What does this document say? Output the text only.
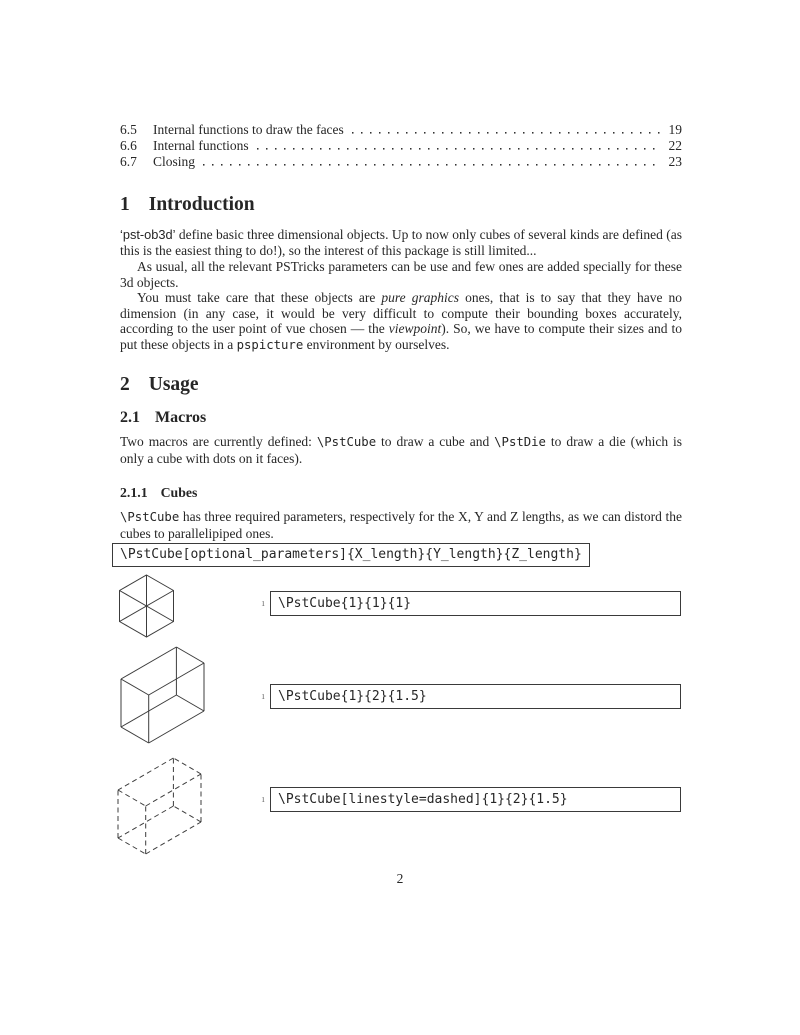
6.5	Internal functions to draw the faces	19
6.6	Internal functions	22
6.7	Closing	23
1 Introduction

‘pst-ob3d’ define basic three dimensional objects. Up to now only cubes of several kinds are defined (as this is the easiest thing to do!), so the interest of this package is still limited...

As usual, all the relevant PSTricks parameters can be use and few ones are added specially for these 3d objects.

You must take care that these objects are pure graphics ones, that is to say that they have no dimension (in any case, it would be very difficult to compute their bounding boxes accurately, according to the user point of vue chosen — the viewpoint). So, we have to compute their sizes and to put these objects in a pspicture environment by ourselves.

2 Usage
2.1 Macros

Two macros are currently defined: \PstCube to draw a cube and \PstDie to draw a die (which is only a cube with dots on it faces).

2.1.1 Cubes

\PstCube has three required parameters, respectively for the X, Y and Z lengths, as we can distord the cubes to parallelipiped ones.

\PstCube[optional_parameters]{X_length}{Y_length}{Z_length}
1	\PstCube{1}{1}{1}
1	\PstCube{1}{2}{1.5}
1	\PstCube[linestyle=dashed]{1}{2}{1.5}
2
